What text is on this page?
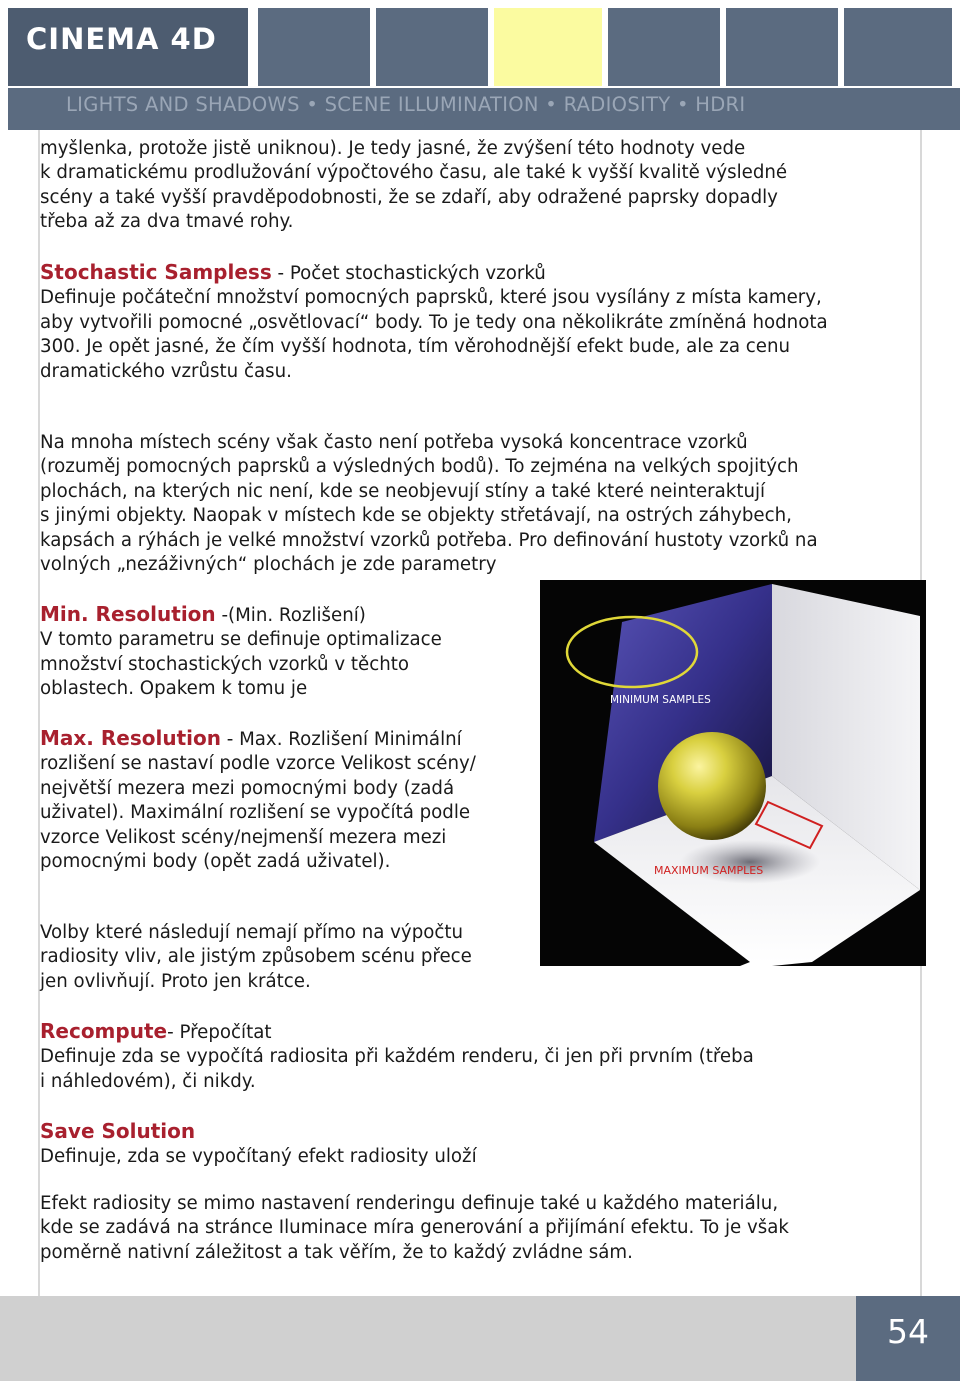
CINEMA 4D

LIGHTS AND SHADOWS • SCENE ILLUMINATION • RADIOSITY • HDRI

myšlenka, protože jistě uniknou). Je tedy jasné, že zvýšení této hodnoty vede
k dramatickému prodlužování výpočtového času, ale také k vyšší kvalitě výsledné
scény a také vyšší pravděpodobnosti, že se zdaří, aby odražené paprsky dopadly
třeba až za dva tmavé rohy.
Stochastic Sampless - Počet stochastických vzorků
Definuje počáteční množství pomocných paprsků, které jsou vysílány z místa kamery,
aby vytvořili pomocné „osvětlovací“ body. To je tedy ona několikráte zmíněná hodnota
300. Je opět jasné, že čím vyšší hodnota, tím věrohodnější efekt bude, ale za cenu
dramatického vzrůstu času.
Na mnoha místech scény však často není potřeba vysoká koncentrace vzorků
(rozuměj pomocných paprsků a výsledných bodů). To zejména na velkých spojitých
plochách, na kterých nic není, kde se neobjevují stíny a také které neinteraktují
s jinými objekty. Naopak v místech kde se objekty střetávají, na ostrých záhybech,
kapsách a rýhách je velké množství vzorků potřeba. Pro definování hustoty vzorků na
volných „nezáživných“ plochách je zde parametry
Min. Resolution -(Min. Rozlišení)
V tomto parametru se definuje optimalizace
množství stochastických vzorků v těchto
oblastech. Opakem k tomu je
Max. Resolution - Max. Rozlišení Minimální
rozlišení se nastaví podle vzorce Velikost scény/
největší mezera mezi pomocnými body (zadá
uživatel). Maximální rozlišení se vypočítá podle
vzorce Velikost scény/nejmenší mezera mezi
pomocnými body (opět zadá uživatel).
Volby které následují nemají přímo na výpočtu
radiosity vliv, ale jistým způsobem scénu přece
jen ovlivňují. Proto jen krátce.
Recompute- Přepočítat
Definuje zda se vypočítá radiosita při každém renderu, či jen při prvním (třeba
i náhledovém), či nikdy.
Save Solution
Definuje, zda se vypočítaný efekt radiosity uloží
Efekt radiosity se mimo nastavení renderingu definuje také u každého materiálu,
kde se zadává na stránce Iluminace míra generování a přijímání efektu. To je však
poměrně nativní záležitost a tak věřím, že to každý zvládne sám.
MINIMUM SAMPLES
MAXIMUM SAMPLES

54
